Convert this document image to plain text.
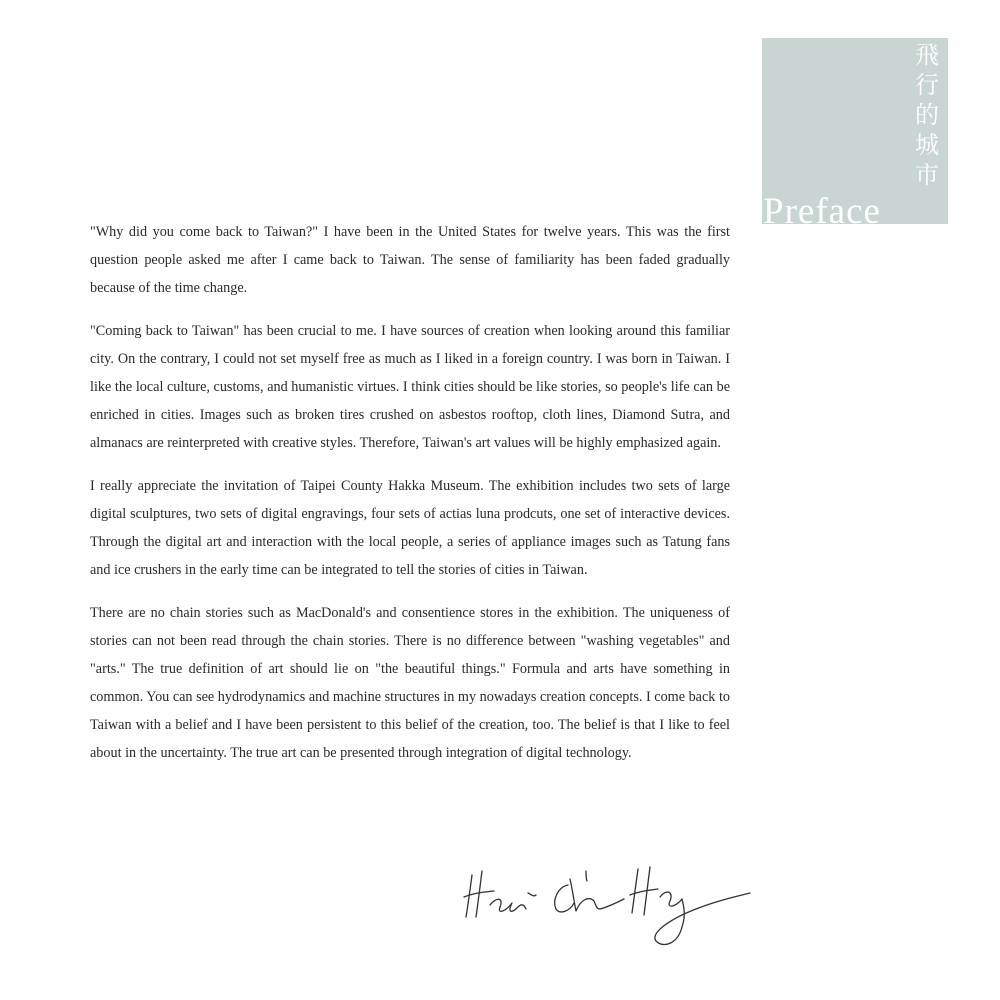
飛
行
的
城
市
Preface

"Why did you come back to Taiwan?" I have been in the United States for twelve years. This was the first question people asked me after I came back to Taiwan. The sense of familiarity has been faded gradually because of the time change.

"Coming back to Taiwan" has been crucial to me. I have sources of creation when looking around this familiar city. On the contrary, I could not set myself free as much as I liked in a foreign country. I was born in Taiwan. I like the local culture, customs, and humanistic virtues. I think cities should be like stories, so people's life can be enriched in cities. Images such as broken tires crushed on asbestos rooftop, cloth lines, Diamond Sutra, and almanacs are reinterpreted with creative styles. Therefore, Taiwan's art values will be highly emphasized again.

I really appreciate the invitation of Taipei County Hakka Museum. The exhibition includes two sets of large digital sculptures, two sets of digital engravings, four sets of actias luna prodcuts, one set of interactive devices. Through the digital art and interaction with the local people, a series of appliance images such as Tatung fans and ice crushers in the early time can be integrated to tell the stories of cities in Taiwan.

There are no chain stories such as MacDonald's and consentience stores in the exhibition. The uniqueness of stories can not been read through the chain stories. There is no difference between "washing vegetables" and "arts." The true definition of art should lie on "the beautiful things." Formula and arts have something in common. You can see hydrodynamics and machine structures in my nowadays creation concepts. I come back to Taiwan with a belief and I have been persistent to this belief of the creation, too. The belief is that I like to feel about in the uncertainty. The true art can be presented through integration of digital technology.
